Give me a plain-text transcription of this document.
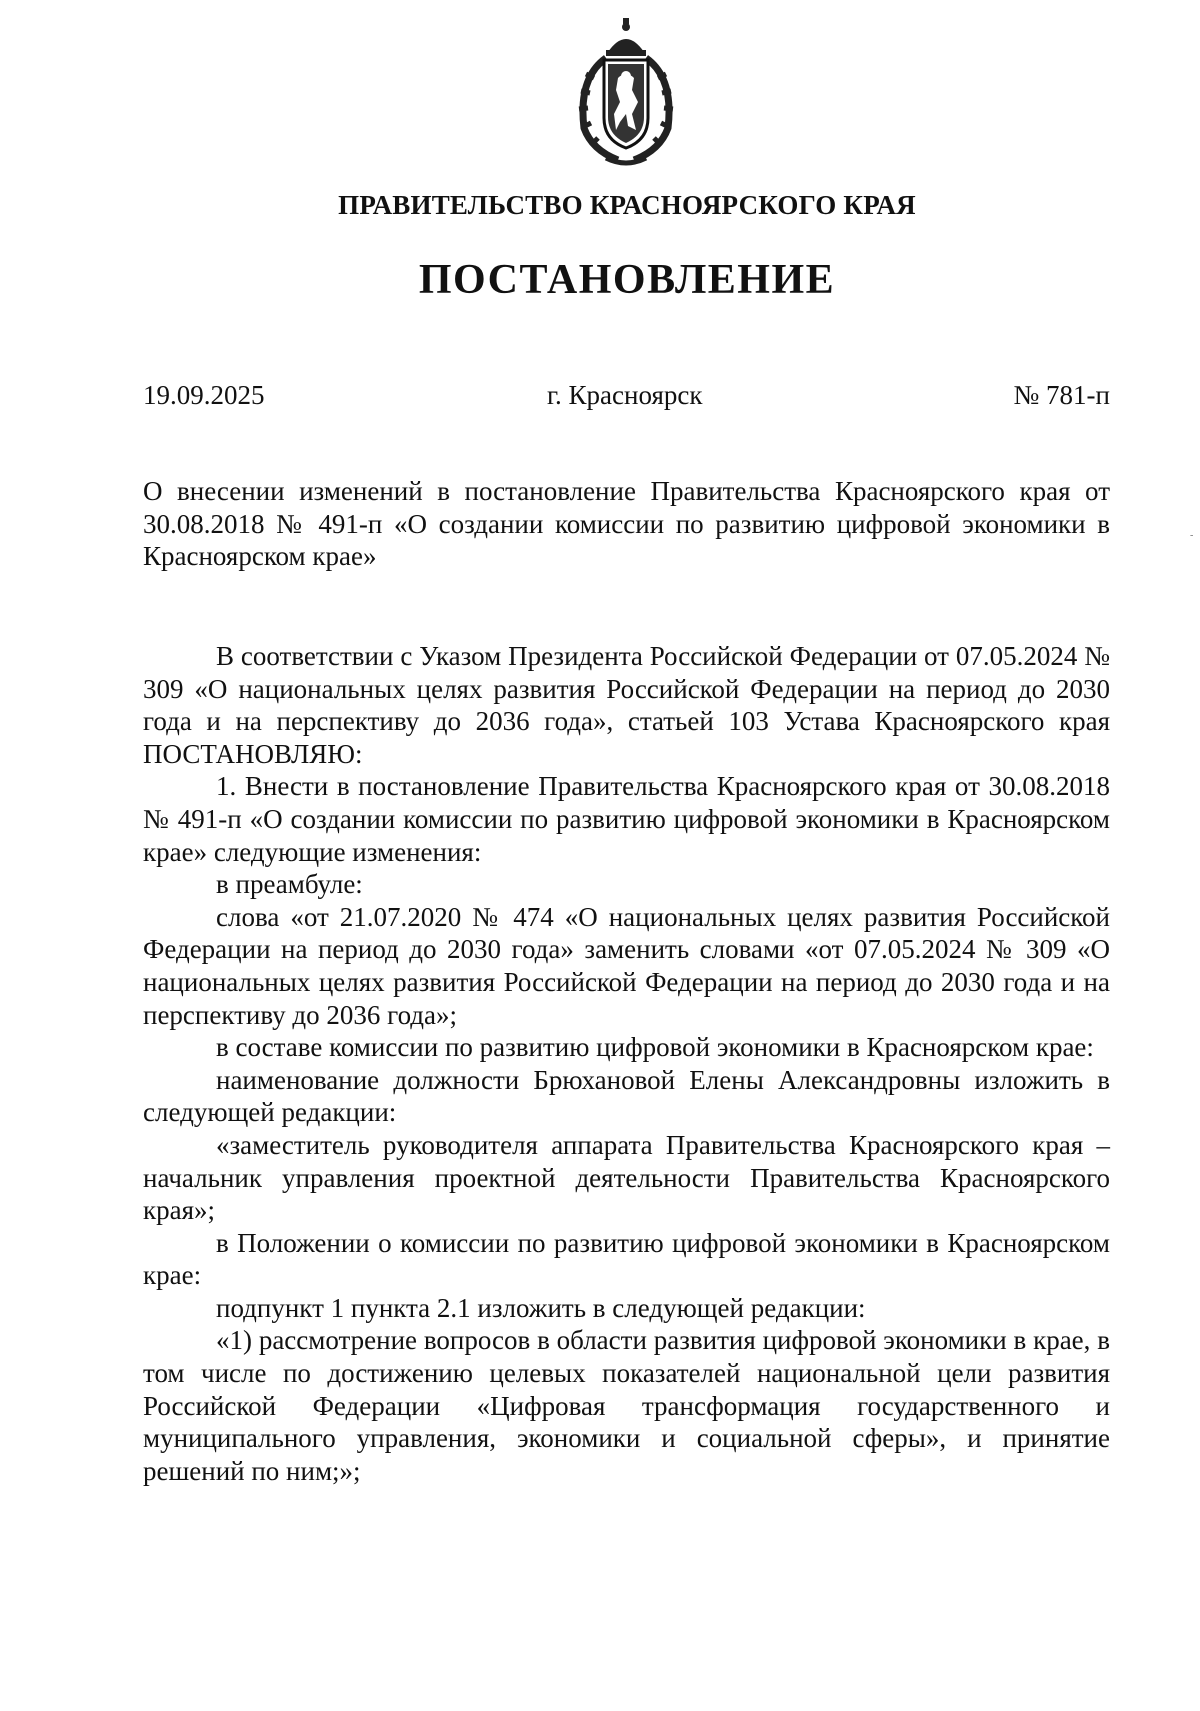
ПРАВИТЕЛЬСТВО КРАСНОЯРСКОГО КРАЯ
ПОСТАНОВЛЕНИЕ
19.09.2025	г. Красноярск	№ 781-п

О внесении изменений в постановление Правительства Красноярского края от 30.08.2018 № 491-п «О создании комиссии по развитию цифровой экономики в Красноярском крае»

-

В соответствии с Указом Президента Российской Федерации от 07.05.2024 № 309 «О национальных целях развития Российской Федерации на период до 2030 года и на перспективу до 2036 года», статьей 103 Устава Красноярского края ПОСТАНОВЛЯЮ:

1. Внести в постановление Правительства Красноярского края от 30.08.2018 № 491-п «О создании комиссии по развитию цифровой экономики в Красноярском крае» следующие изменения:

в преамбуле:

слова «от 21.07.2020 № 474 «О национальных целях развития Российской Федерации на период до 2030 года» заменить словами «от 07.05.2024 № 309 «О национальных целях развития Российской Федерации на период до 2030 года и на перспективу до 2036 года»;

в составе комиссии по развитию цифровой экономики в Красноярском крае:

наименование должности Брюхановой Елены Александровны изложить в следующей редакции:

«заместитель руководителя аппарата Правительства Красноярского края – начальник управления проектной деятельности Правительства Красноярского края»;

в Положении о комиссии по развитию цифровой экономики в Красноярском крае:

подпункт 1 пункта 2.1 изложить в следующей редакции:

«1) рассмотрение вопросов в области развития цифровой экономики в крае, в том числе по достижению целевых показателей национальной цели развития Российской Федерации «Цифровая трансформация государственного и муниципального управления, экономики и социальной сферы», и принятие решений по ним;»;
